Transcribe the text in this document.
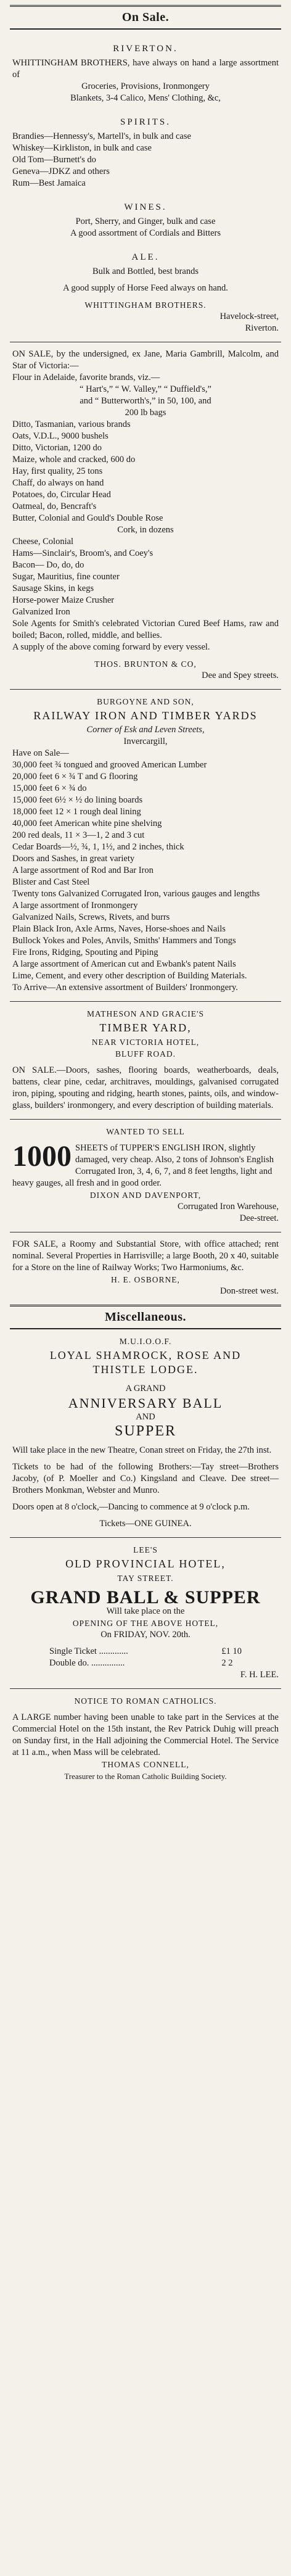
On Sale.
RIVERTON.
WHITTINGHAM BROTHERS, have always on hand a large assortment of
Groceries, Provisions, Ironmongery
Blankets, 3-4 Calico, Mens' Clothing, &c,
SPIRITS.
Brandies—Hennessy's, Martell's, in bulk and case
Whiskey—Kirkliston, in bulk and case
Old Tom—Burnett's do
Geneva—JDKZ and others
Rum—Best Jamaica
WINES.
Port, Sherry, and Ginger, bulk and case
A good assortment of Cordials and Bitters
ALE.
Bulk and Bottled, best brands
A good supply of Horse Feed always on hand.
WHITTINGHAM BROTHERS.
Havelock-street,
Riverton.
ON SALE, by the undersigned, ex Jane, Maria Gambrill, Malcolm, and Star of Victoria:—
Flour in Adelaide, favorite brands, viz.—
“ Hart's,” “ W. Valley,” “ Duffield's,”
and “ Butterworth's,” in 50, 100, and
200 lb bags
Ditto, Tasmanian, various brands
Oats, V.D.L., 9000 bushels
Ditto, Victorian, 1200 do
Maize, whole and cracked, 600 do
Hay, first quality, 25 tons
Chaff, do always on hand
Potatoes, do, Circular Head
Oatmeal, do, Bencraft's
Butter, Colonial and Gould's Double Rose
Cork, in dozens
Cheese, Colonial
Hams—Sinclair's, Broom's, and Coey's
Bacon— Do, do, do
Sugar, Mauritius, fine counter
Sausage Skins, in kegs
Horse-power Maize Crusher
Galvanized Iron
Sole Agents for Smith's celebrated Victorian Cured Beef Hams, raw and boiled; Bacon, rolled, middle, and bellies.
A supply of the above coming forward by every vessel.
THOS. BRUNTON & CO,
Dee and Spey streets.
BURGOYNE AND SON,
RAILWAY IRON AND TIMBER YARDS
Corner of Esk and Leven Streets,
Invercargill,
Have on Sale—
30,000 feet ¾ tongued and grooved American Lumber
20,000 feet 6 × ¾ T and G flooring
15,000 feet 6 × ¾ do
15,000 feet 6½ × ½ do lining boards
18,000 feet 12 × 1 rough deal lining
40,000 feet American white pine shelving
200 red deals, 11 × 3—1, 2 and 3 cut
Cedar Boards—½, ¾, 1, 1½, and 2 inches, thick
Doors and Sashes, in great variety
A large assortment of Rod and Bar Iron
Blister and Cast Steel
Twenty tons Galvanized Corrugated Iron, various gauges and lengths
A large assortment of Ironmongery
Galvanized Nails, Screws, Rivets, and burrs
Plain Black Iron, Axle Arms, Naves, Horse-shoes and Nails
Bullock Yokes and Poles, Anvils, Smiths' Hammers and Tongs
Fire Irons, Ridging, Spouting and Piping
A large assortment of American cut and Ewbank's patent Nails
Lime, Cement, and every other description of Building Materials.
To Arrive—An extensive assortment of Builders' Ironmongery.
MATHESON AND GRACIE'S
TIMBER YARD,
NEAR VICTORIA HOTEL,
BLUFF ROAD.
ON SALE.—Doors, sashes, flooring boards, weatherboards, deals, battens, clear pine, cedar, architraves, mouldings, galvanised corrugated iron, piping, spouting and ridging, hearth stones, paints, oils, and window-glass, builders' ironmongery, and every description of building materials.
WANTED TO SELL
1000 SHEETS of TUPPER'S ENGLISH IRON, slightly damaged, very cheap. Also, 2 tons of Johnson's English Corrugated Iron, 3, 4, 6, 7, and 8 feet lengths, light and heavy gauges, all fresh and in good order.
DIXON AND DAVENPORT,
Corrugated Iron Warehouse,
Dee-street.
FOR SALE, a Roomy and Substantial Store, with office attached; rent nominal. Several Properties in Harrisville; a large Booth, 20 x 40, suitable for a Store on the line of Railway Works; Two Harmoniums, &c.
H. E. OSBORNE,
Don-street west.
Miscellaneous.
M.U.I.O.O.F.
LOYAL SHAMROCK, ROSE AND
THISTLE LODGE.
A GRAND
ANNIVERSARY BALL
AND
SUPPER
Will take place in the new Theatre, Conan street on Friday, the 27th inst.
Tickets to be had of the following Brothers:—Tay street—Brothers Jacoby, (of P. Moeller and Co.) Kingsland and Cleave. Dee street—Brothers Monkman, Webster and Munro.
Doors open at 8 o'clock,—Dancing to commence at 9 o'clock p.m.
Tickets—ONE GUINEA.
LEE'S
OLD PROVINCIAL HOTEL,
TAY STREET.
GRAND BALL & SUPPER
Will take place on the
OPENING OF THE ABOVE HOTEL,
On FRIDAY, NOV. 20th.
Single Ticket .............	£1 10
Double do. ...............	2 2
F. H. LEE.
NOTICE TO ROMAN CATHOLICS.
A LARGE number having been unable to take part in the Services at the Commercial Hotel on the 15th instant, the Rev Patrick Duhig will preach on Sunday first, in the Hall adjoining the Commercial Hotel. The Service at 11 a.m., when Mass will be celebrated.
THOMAS CONNELL,
Treasurer to the Roman Catholic Building Society.
